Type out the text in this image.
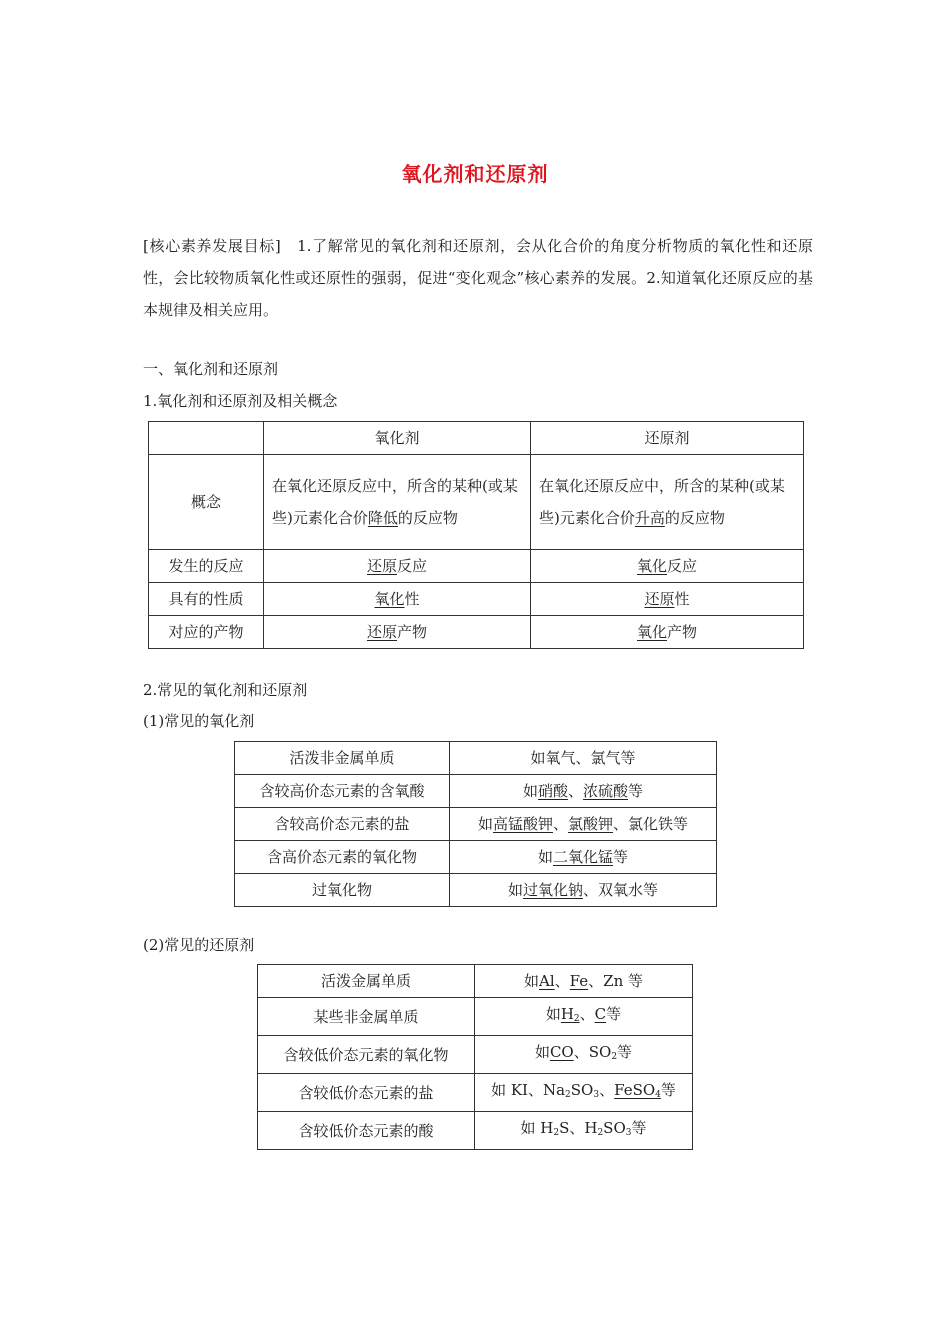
氧化剂和还原剂
[核心素养发展目标]　1.了解常见的氧化剂和还原剂，会从化合价的角度分析物质的氧化性和还原性，会比较物质氧化性或还原性的强弱，促进“变化观念”核心素养的发展。2.知道氧化还原反应的基本规律及相关应用。
一、氧化剂和还原剂
1.氧化剂和还原剂及相关概念
	氧化剂	还原剂
概念	在氧化还原反应中，所含的某种(或某些)元素化合价降低的反应物	在氧化还原反应中，所含的某种(或某些)元素化合价升高的反应物
发生的反应	还原反应	氧化反应
具有的性质	氧化性	还原性
对应的产物	还原产物	氧化产物
2.常见的氧化剂和还原剂
(1)常见的氧化剂
活泼非金属单质	如氧气、氯气等
含较高价态元素的含氧酸	如硝酸、浓硫酸等
含较高价态元素的盐	如高锰酸钾、氯酸钾、氯化铁等
含高价态元素的氧化物	如二氧化锰等
过氧化物	如过氧化钠、双氧水等
(2)常见的还原剂
活泼金属单质	如Al、Fe、Zn 等
某些非金属单质	如$H_2$、C等
含较低价态元素的氧化物	如CO、$SO_2$等
含较低价态元素的盐	如 KI、$Na_2SO_3$、FeSO$_4$等
含较低价态元素的酸	如 $H_2S$、$H_2SO_3$等
